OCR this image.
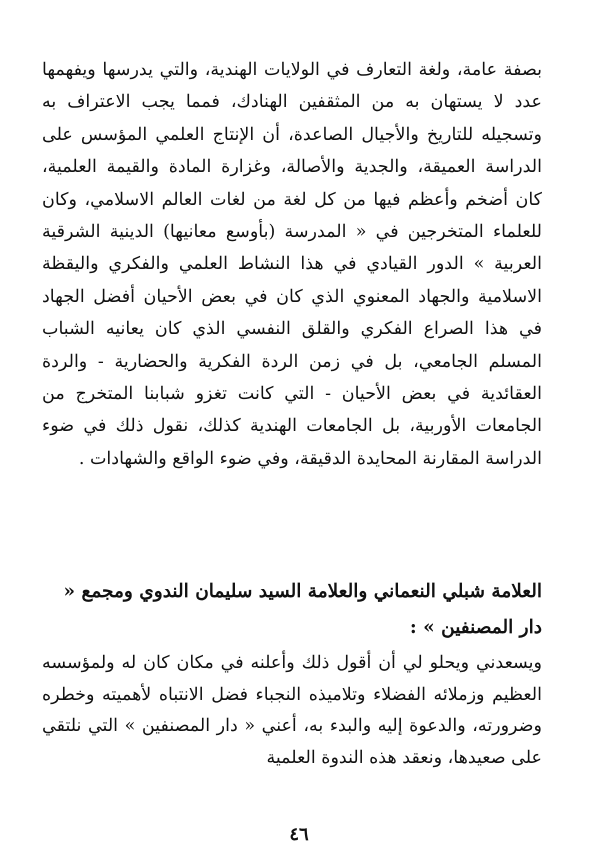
بصفة عامة، ولغة التعارف في الولايات الهندية، والتي يدرسها ويفهمها عدد لا يستهان به من المثقفين الهنادك، فمما يجب الاعتراف به وتسجيله للتاريخ والأجيال الصاعدة، أن الإنتاج العلمي المؤسس على الدراسة العميقة، والجدية والأصالة، وغزارة المادة والقيمة العلمية، كان أضخم وأعظم فيها من كل لغة من لغات العالم الاسلامي، وكان للعلماء المتخرجين في « المدرسة (بأوسع معانيها) الدينية الشرقية العربية » الدور القيادي في هذا النشاط العلمي والفكري واليقظة الاسلامية والجهاد المعنوي الذي كان في بعض الأحيان أفضل الجهاد في هذا الصراع الفكري والقلق النفسي الذي كان يعانيه الشباب المسلم الجامعي، بل في زمن الردة الفكرية والحضارية - والردة العقائدية في بعض الأحيان - التي كانت تغزو شبابنا المتخرج من الجامعات الأوربية، بل الجامعات الهندية كذلك، نقول ذلك في ضوء الدراسة المقارنة المحايدة الدقيقة، وفي ضوء الواقع والشهادات .

العلامة شبلي النعماني والعلامة السيد سليمان الندوي ومجمع « دار المصنفين » :

ويسعدني ويحلو لي أن أقول ذلك وأعلنه في مكان كان له ولمؤسسه العظيم وزملائه الفضلاء وتلاميذه النجباء فضل الانتباه لأهميته وخطره وضرورته، والدعوة إليه والبدء به، أعني « دار المصنفين » التي نلتقي على صعيدها، ونعقد هذه الندوة العلمية

٤٦
